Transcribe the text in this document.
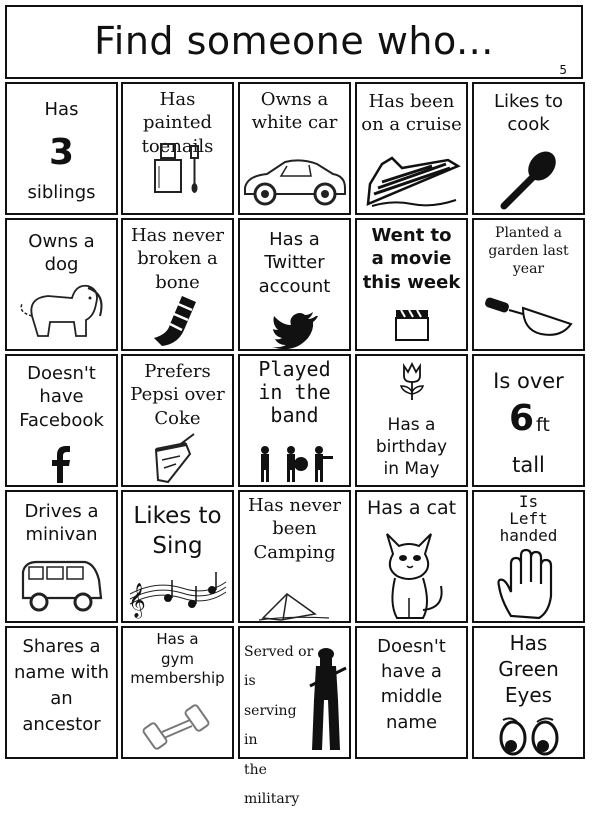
Find someone who...
5
Has
3
siblings
Has painted
toenails
Owns a
white car
Has been
on a cruise
Likes to
cook
Owns a
dog
Has never
broken a
bone
Has a
Twitter
account
Went to
a movie
this week
Planted a
garden last
year
Doesn't
have
Facebook
Prefers
Pepsi over
Coke
Played
in the
band	Has a
birthday
in May
Is over
6 ft
tall
Drives a
minivan
Likes to
Sing
𝄞
Has never
been
Camping
Has a cat	Is
Left
handed
Shares a
name with
an
ancestor
Has a
gym
membership
Served or is
serving in
the military
Doesn't
have a
middle
name
Has
Green
Eyes
